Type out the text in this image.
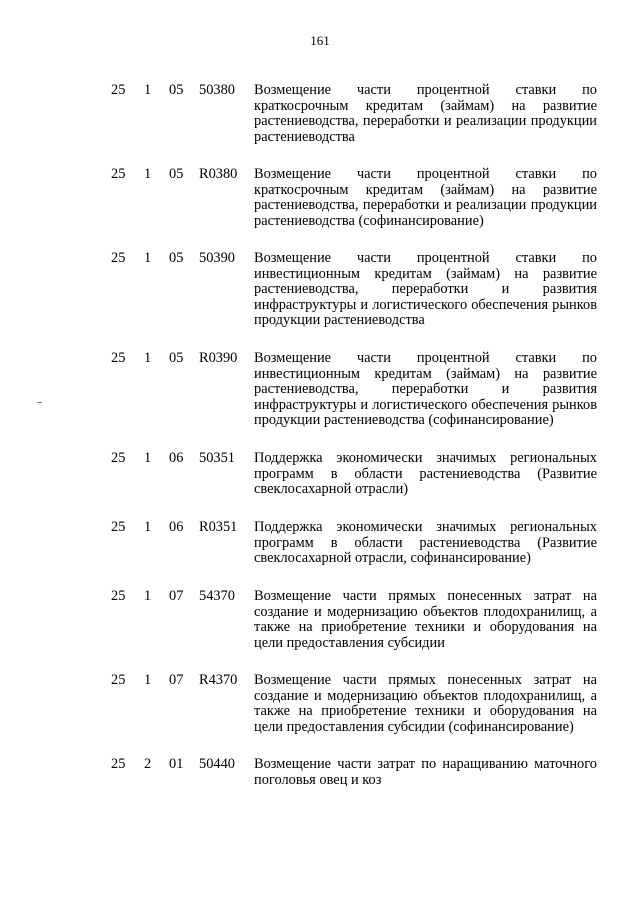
161
25 1 05 50380 Возмещение части процентной ставки по краткосрочным кредитам (займам) на развитие растениеводства, переработки и реализации продукции растениеводства
25 1 05 R0380 Возмещение части процентной ставки по краткосрочным кредитам (займам) на развитие растениеводства, переработки и реализации продукции растениеводства (софинансирование)
25 1 05 50390 Возмещение части процентной ставки по инвестиционным кредитам (займам) на развитие растениеводства, переработки и развития инфраструктуры и логистического обеспечения рынков продукции растениеводства
25 1 05 R0390 Возмещение части процентной ставки по инвестиционным кредитам (займам) на развитие растениеводства, переработки и развития инфраструктуры и логистического обеспечения рынков продукции растениеводства (софинансирование)
25 1 06 50351 Поддержка экономически значимых региональных программ в области растениеводства (Развитие свеклосахарной отрасли)
25 1 06 R0351 Поддержка экономически значимых региональных программ в области растениеводства (Развитие свеклосахарной отрасли, софинансирование)
25 1 07 54370 Возмещение части прямых понесенных затрат на создание и модернизацию объектов плодохранилищ, а также на приобретение техники и оборудования на цели предоставления субсидии
25 1 07 R4370 Возмещение части прямых понесенных затрат на создание и модернизацию объектов плодохранилищ, а также на приобретение техники и оборудования на цели предоставления субсидии (софинансирование)
25 2 01 50440 Возмещение части затрат по наращиванию маточного поголовья овец и коз
